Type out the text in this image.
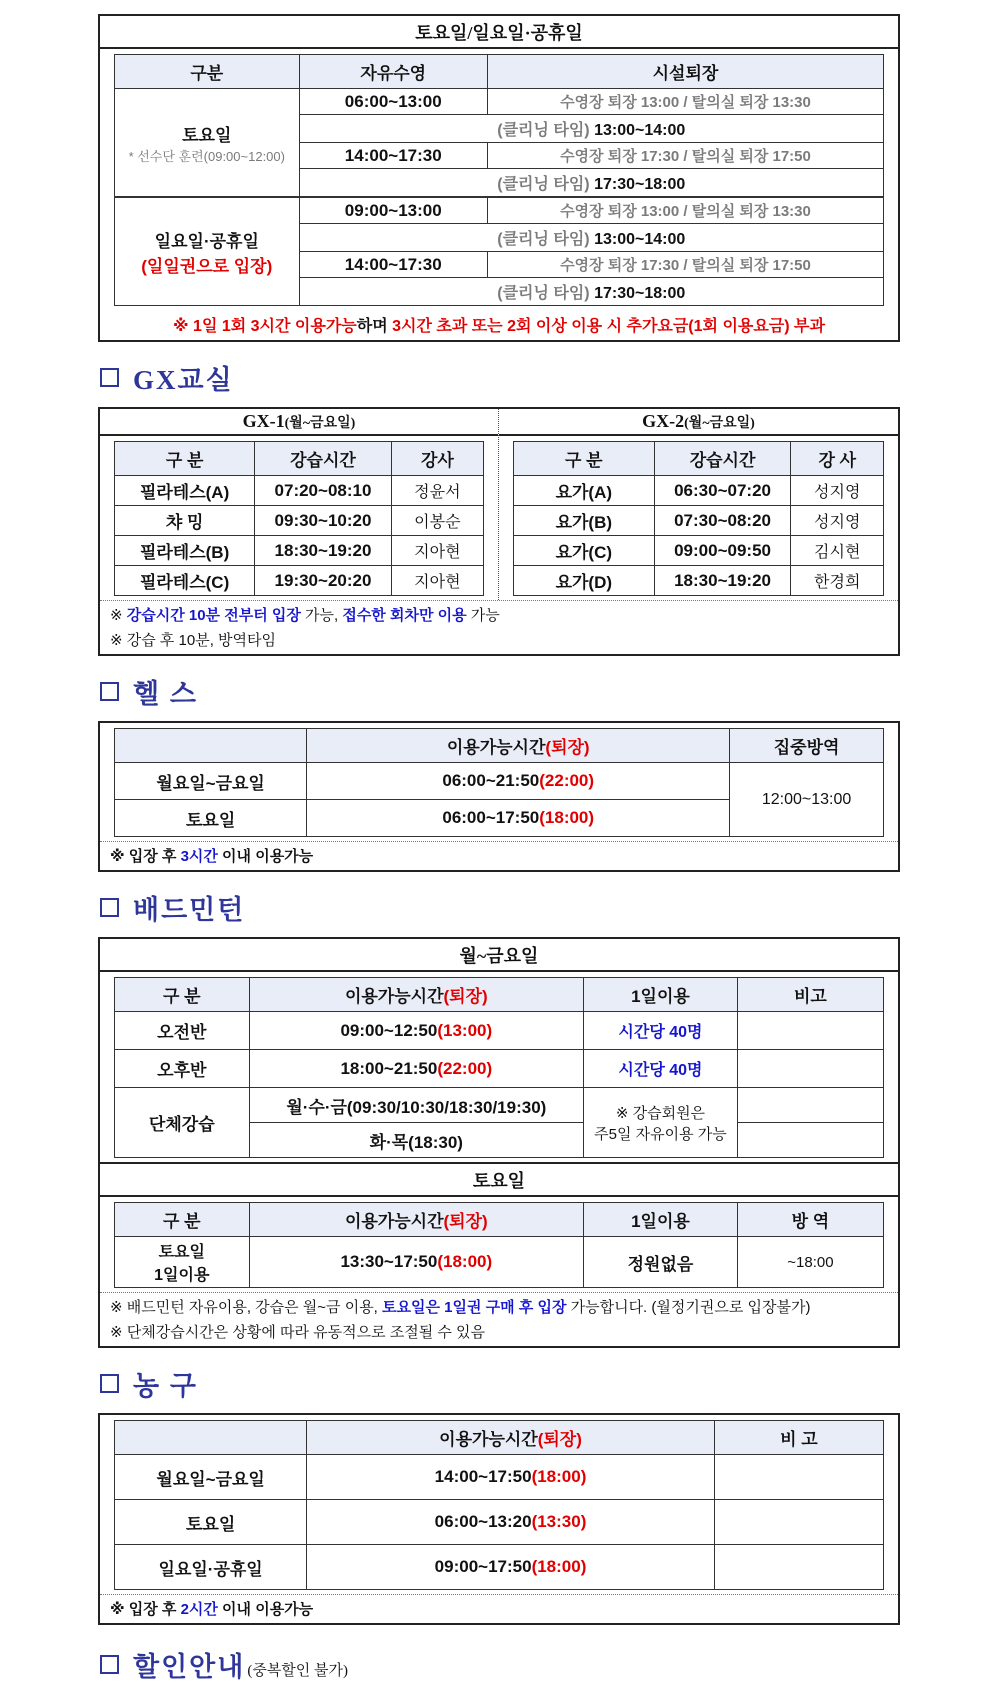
토요일/일요일·공휴일
구분	자유수영	시설퇴장
토요일
* 선수단 훈련(09:00~12:00)	06:00~13:00	수영장 퇴장 13:00 / 탈의실 퇴장 13:30
	(클리닝 타임) 13:00~14:00	
	14:00~17:30	수영장 퇴장 17:30 / 탈의실 퇴장 17:50
	(클리닝 타임) 17:30~18:00	
일요일·공휴일
(일일권으로 입장)	09:00~13:00	수영장 퇴장 13:00 / 탈의실 퇴장 13:30
	(클리닝 타임) 13:00~14:00	
	14:00~17:30	수영장 퇴장 17:30 / 탈의실 퇴장 17:50
	(클리닝 타임) 17:30~18:00	
※ 1일 1회 3시간 이용가능하며 3시간 초과 또는 2회 이상 이용 시 추가요금(1회 이용요금) 부과
GX교실
GX-1(월~금요일)
구 분	강습시간	강사
필라테스(A)	07:20~08:10	정윤서
챠 밍	09:30~10:20	이봉순
필라테스(B)	18:30~19:20	지아현
필라테스(C)	19:30~20:20	지아현
GX-2(월~금요일)
구 분	강습시간	강 사
요가(A)	06:30~07:20	성지영
요가(B)	07:30~08:20	성지영
요가(C)	09:00~09:50	김시현
요가(D)	18:30~19:20	한경희
※ 강습시간 10분 전부터 입장 가능, 접수한 회차만 이용 가능
※ 강습 후 10분, 방역타임
헬 스
	이용가능시간(퇴장)	집중방역
월요일~금요일	06:00~21:50(22:00)	12:00~13:00
토요일	06:00~17:50(18:00)	
※ 입장 후 3시간 이내 이용가능
배드민턴
월~금요일
구 분	이용가능시간(퇴장)	1일이용	비고
오전반	09:00~12:50(13:00)	시간당 40명	
오후반	18:00~21:50(22:00)	시간당 40명	
단체강습	월·수·금(09:30/10:30/18:30/19:30)	※ 강습회원은
주5일 자유이용 가능	
	화·목(18:30)		
토요일
구 분	이용가능시간(퇴장)	1일이용	방 역
토요일
1일이용	13:30~17:50(18:00)	정원없음	~18:00
※ 배드민턴 자유이용, 강습은 월~금 이용, 토요일은 1일권 구매 후 입장 가능합니다. (월정기권으로 입장불가)
※ 단체강습시간은 상황에 따라 유동적으로 조절될 수 있음
농 구
	이용가능시간(퇴장)	비 고
월요일~금요일	14:00~17:50(18:00)	
토요일	06:00~13:20(13:30)	
일요일·공휴일	09:00~17:50(18:00)	
※ 입장 후 2시간 이내 이용가능
할인안내 (중복할인 불가)
